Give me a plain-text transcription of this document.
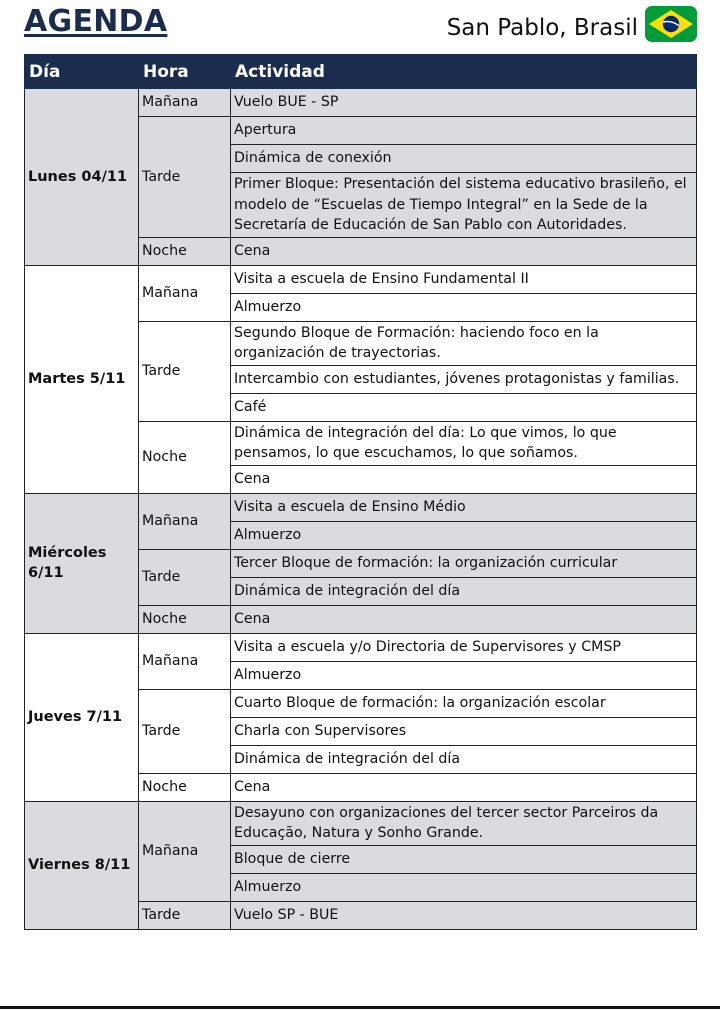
AGENDA	San Pablo, Brasil
Día	Hora	Actividad
Lunes 04/11	Mañana	Vuelo BUE - SP
	Tarde	Apertura
		Dinámica de conexión
		Primer Bloque: Presentación del sistema educativo brasileño, el modelo de “Escuelas de Tiempo Integral” en la Sede de la Secretaría de Educación de San Pablo con Autoridades.
	Noche	Cena
Martes 5/11	Mañana	Visita a escuela de Ensino Fundamental II
		Almuerzo
	Tarde	Segundo Bloque de Formación: haciendo foco en la organización de trayectorias.
		Intercambio con estudiantes, jóvenes protagonistas y familias.
		Café
	Noche	Dinámica de integración del día: Lo que vimos, lo que pensamos, lo que escuchamos, lo que soñamos.
		Cena
Miércoles 6/11	Mañana	Visita a escuela de Ensino Médio
		Almuerzo
	Tarde	Tercer Bloque de formación: la organización curricular
		Dinámica de integración del día
	Noche	Cena
Jueves 7/11	Mañana	Visita a escuela y/o Directoria de Supervisores y CMSP
		Almuerzo
	Tarde	Cuarto Bloque de formación: la organización escolar
		Charla con Supervisores
		Dinámica de integración del día
	Noche	Cena
Viernes 8/11	Mañana	Desayuno con organizaciones del tercer sector Parceiros da Educação, Natura y Sonho Grande.
		Bloque de cierre
		Almuerzo
	Tarde	Vuelo SP - BUE
